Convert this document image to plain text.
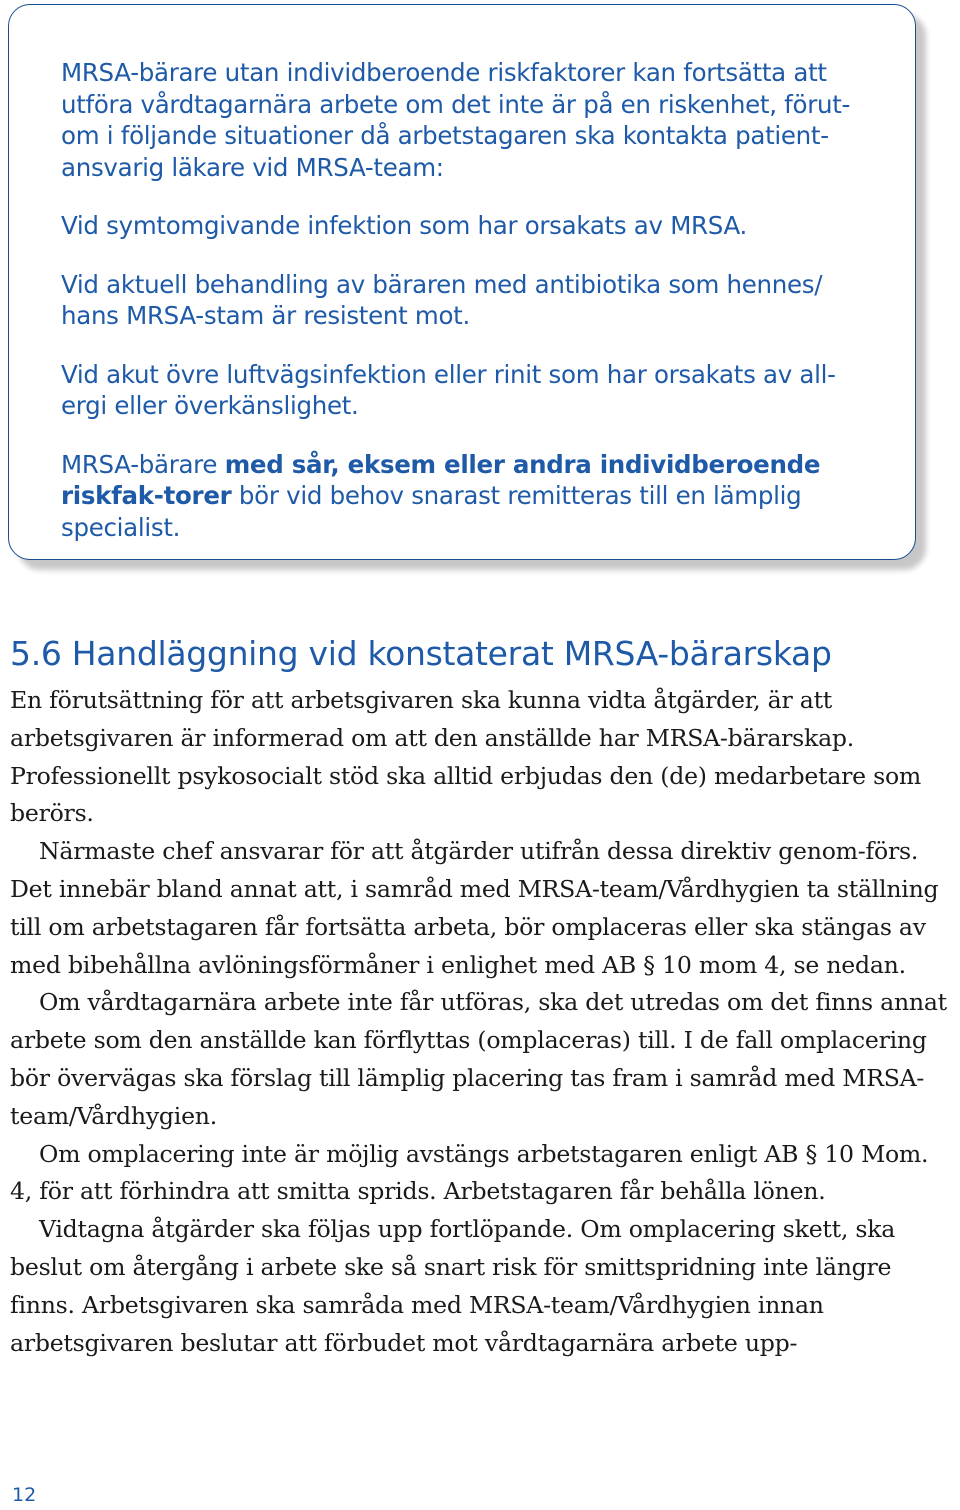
MRSA-bärare utan individberoende riskfaktorer kan fortsätta att utföra vårdtagarnära arbete om det inte är på en riskenhet, förut-om i följande situationer då arbetstagaren ska kontakta patient-ansvarig läkare vid MRSA-team:

Vid symtomgivande infektion som har orsakats av MRSA.

Vid aktuell behandling av bäraren med antibiotika som hennes/ hans MRSA-stam är resistent mot.

Vid akut övre luftvägsinfektion eller rinit som har orsakats av all-ergi eller överkänslighet.

MRSA-bärare med sår, eksem eller andra individberoende riskfak-torer bör vid behov snarast remitteras till en lämplig specialist.

5.6 Handläggning vid konstaterat MRSA-bärarskap

En förutsättning för att arbetsgivaren ska kunna vidta åtgärder, är att arbetsgivaren är informerad om att den anställde har MRSA-bärarskap. Professionellt psykosocialt stöd ska alltid erbjudas den (de) medarbetare som berörs.

Närmaste chef ansvarar för att åtgärder utifrån dessa direktiv genom-förs. Det innebär bland annat att, i samråd med MRSA-team/Vårdhygien ta ställning till om arbetstagaren får fortsätta arbeta, bör omplaceras eller ska stängas av med bibehållna avlöningsförmåner i enlighet med AB § 10 mom 4, se nedan.

Om vårdtagarnära arbete inte får utföras, ska det utredas om det finns annat arbete som den anställde kan förflyttas (omplaceras) till. I de fall omplacering bör övervägas ska förslag till lämplig placering tas fram i samråd med MRSA-team/Vårdhygien.

Om omplacering inte är möjlig avstängs arbetstagaren enligt AB § 10 Mom. 4, för att förhindra att smitta sprids. Arbetstagaren får behålla lönen.

Vidtagna åtgärder ska följas upp fortlöpande. Om omplacering skett, ska beslut om återgång i arbete ske så snart risk för smittspridning inte längre finns. Arbetsgivaren ska samråda med MRSA-team/Vårdhygien innan arbetsgivaren beslutar att förbudet mot vårdtagarnära arbete upp-

12
